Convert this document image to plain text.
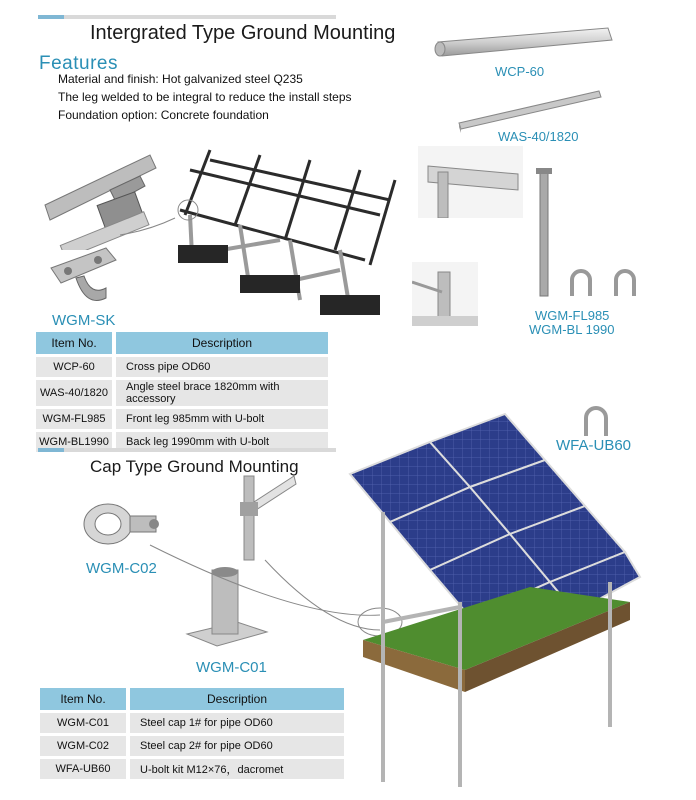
Intergrated Type Ground Mounting
Features
Material and finish: Hot galvanized steel Q235
The leg welded to be integral to reduce the install steps
Foundation option: Concrete foundation
WCP-60
WAS-40/1820
WGM-SK	WGM-FL985
WGM-BL 1990
Item No.		Description
WCP-60		Cross pipe OD60
WAS-40/1820		Angle steel brace 1820mm with accessory
WGM-FL985		Front leg 985mm with U-bolt
WGM-BL1990		Back leg 1990mm with U-bolt
Cap Type Ground Mounting
WFA-UB60
WGM-C02
WGM-C01
Item No.		Description
WGM-C01		Steel cap 1# for pipe OD60
WGM-C02		Steel cap 2# for pipe OD60
WFA-UB60		U-bolt kit M12×76，dacromet
